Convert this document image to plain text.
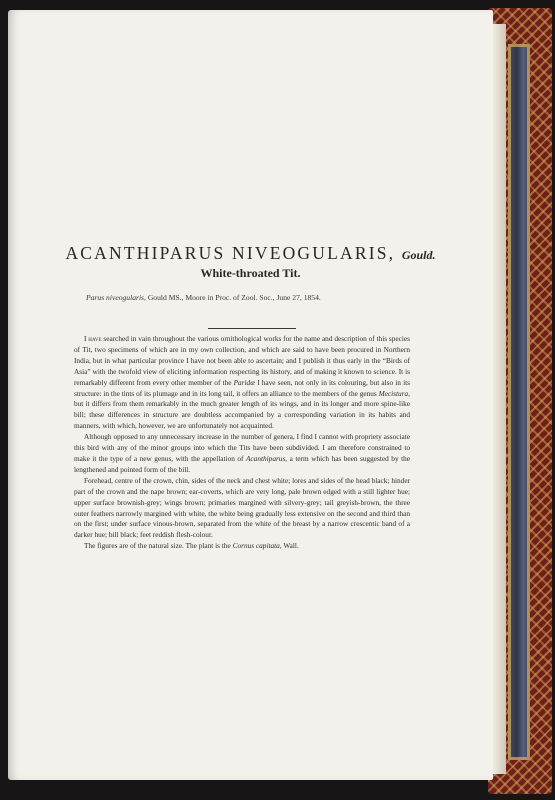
ACANTHIPARUS NIVEOGULARIS, Gould.
White-throated Tit.
Parus niveogularis, Gould MS., Moore in Proc. of Zool. Soc., June 27, 1854.

I have searched in vain throughout the various ornithological works for the name and description of this species of Tit, two specimens of which are in my own collection, and which are said to have been procured in Northern India, but in what particular province I have not been able to ascertain; and I publish it thus early in the “Birds of Asia” with the twofold view of eliciting information respecting its history, and of making it known to science. It is remarkably different from every other member of the Paridæ I have seen, not only in its colouring, but also in its structure: in the tints of its plumage and in its long tail, it offers an alliance to the members of the genus Mecistura, but it differs from them remarkably in the much greater length of its wings, and in its longer and more spine-like bill; these differences in structure are doubtless accompanied by a corresponding variation in its habits and manners, with which, however, we are unfortunately not acquainted.

Although opposed to any unnecessary increase in the number of genera, I find I cannot with propriety associate this bird with any of the minor groups into which the Tits have been subdivided. I am therefore constrained to make it the type of a new genus, with the appellation of Acanthiparus, a term which has been suggested by the lengthened and pointed form of the bill.

Forehead, centre of the crown, chin, sides of the neck and chest white; lores and sides of the head black; hinder part of the crown and the nape brown; ear-coverts, which are very long, pale brown edged with a still lighter hue; upper surface brownish-grey; wings brown; primaries margined with silvery-grey; tail greyish-brown, the three outer feathers narrowly margined with white, the white being gradually less extensive on the second and third than on the first; under surface vinous-brown, separated from the white of the breast by a narrow crescentic band of a darker hue; bill black; feet reddish flesh-colour.

The figures are of the natural size. The plant is the Cornus capitata, Wall.
